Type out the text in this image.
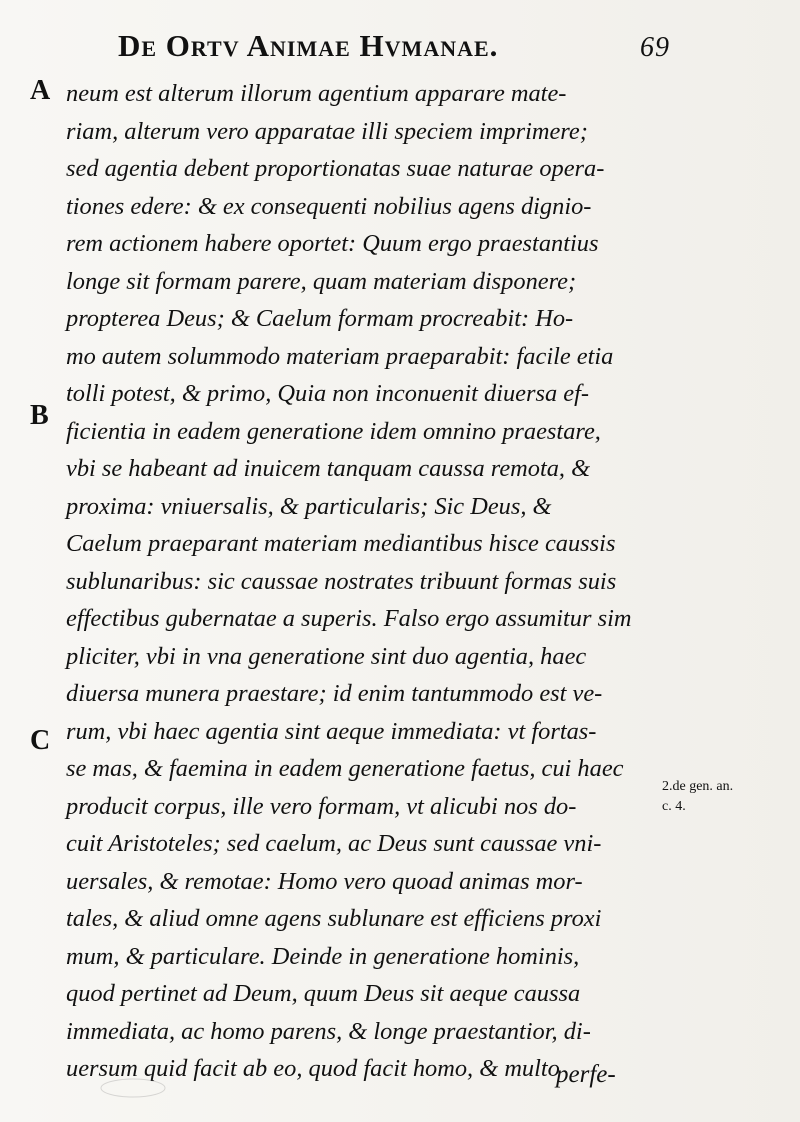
De Ortv Animae Hvmanae.	69
A
B
C
neum est alterum illorum agentium apparare mate-
riam, alterum vero apparatae illi speciem imprimere;
sed agentia debent proportionatas suae naturae opera-
tiones edere: & ex consequenti nobilius agens dignio-
rem actionem habere oportet: Quum ergo praestantius
longe sit formam parere, quam materiam disponere;
propterea Deus; & Caelum formam procreabit: Ho-
mo autem solummodo materiam praeparabit: facile etia
tolli potest, & primo, Quia non inconuenit diuersa ef-
ficientia in eadem generatione idem omnino praestare,
vbi se habeant ad inuicem tanquam caussa remota, &
proxima: vniuersalis, & particularis; Sic Deus, &
Caelum praeparant materiam mediantibus hisce caussis
sublunaribus: sic caussae nostrates tribuunt formas suis
effectibus gubernatae a superis. Falso ergo assumitur sim
pliciter, vbi in vna generatione sint duo agentia, haec
diuersa munera praestare; id enim tantummodo est ve-
rum, vbi haec agentia sint aeque immediata: vt fortas-
se mas, & faemina in eadem generatione faetus, cui haec
producit corpus, ille vero formam, vt alicubi nos do-
cuit Aristoteles; sed caelum, ac Deus sunt caussae vni-
uersales, & remotae: Homo vero quoad animas mor-
tales, & aliud omne agens sublunare est efficiens proxi
mum, & particulare. Deinde in generatione hominis,
quod pertinet ad Deum, quum Deus sit aeque caussa
immediata, ac homo parens, & longe praestantior, di-
uersum quid facit ab eo, quod facit homo, & multo
2.de gen. an.
c. 4.
perfe-
